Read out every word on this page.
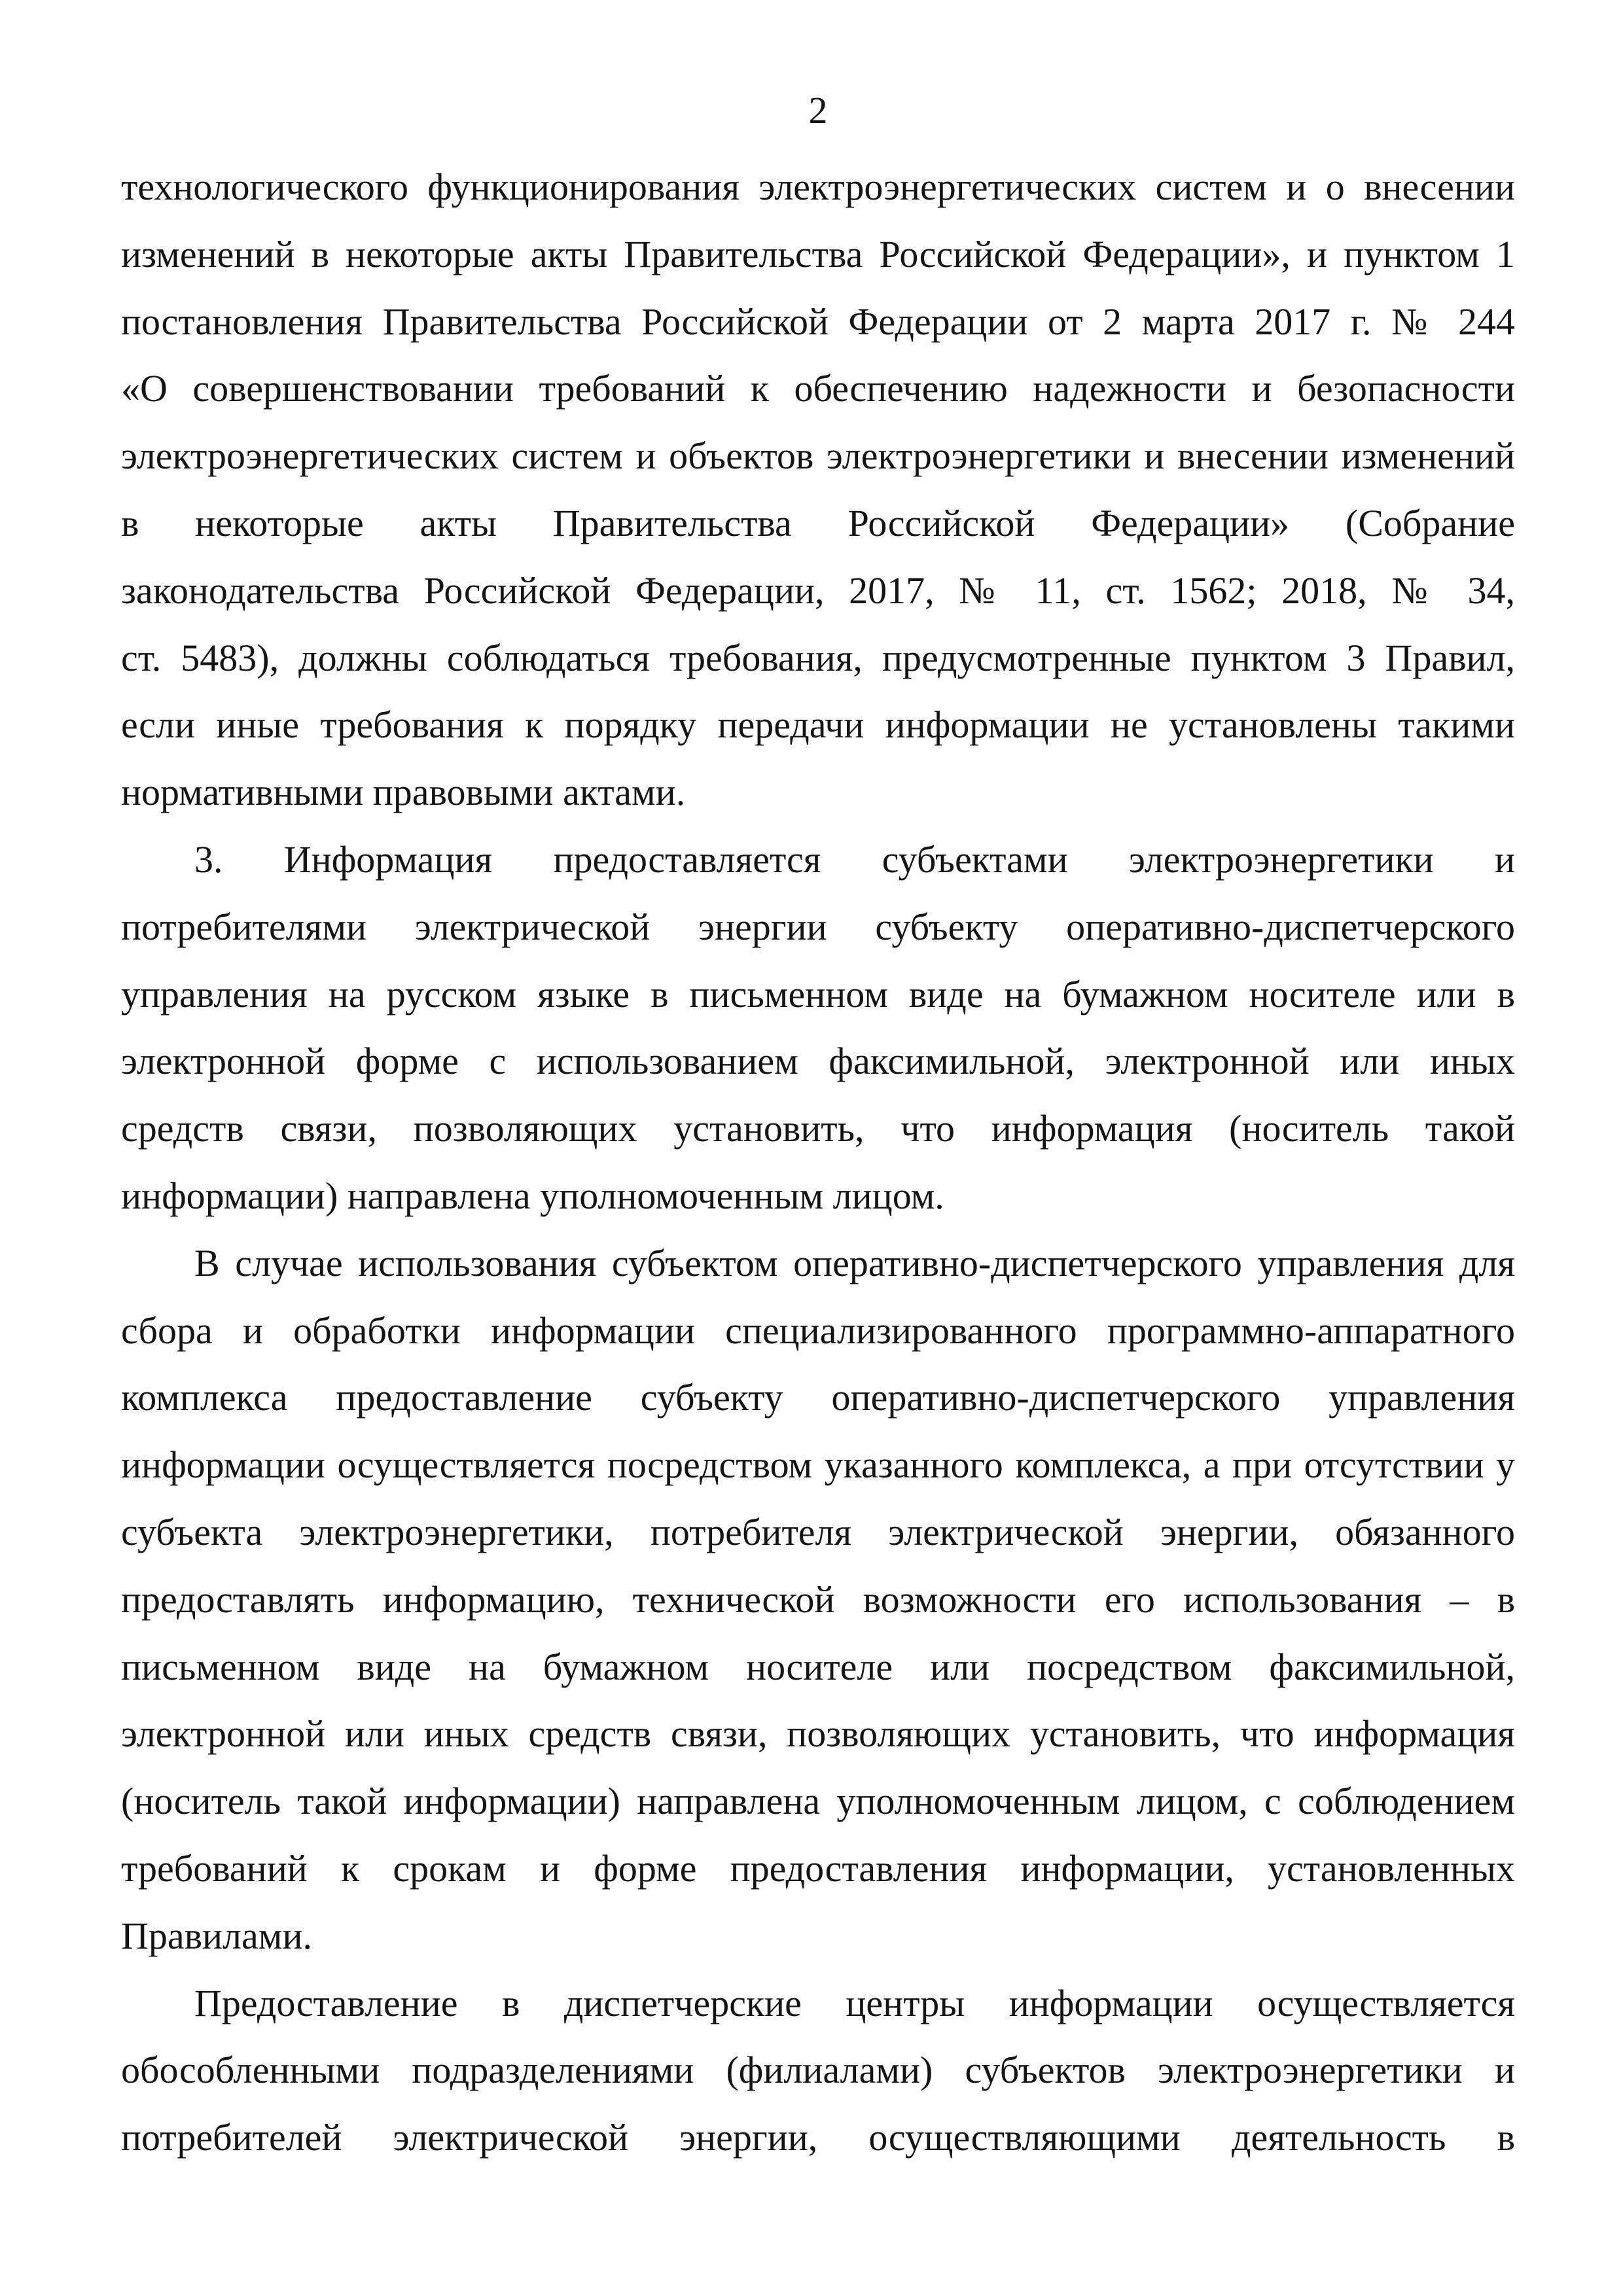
2
технологического функционирования электроэнергетических систем и о внесении
изменений в некоторые акты Правительства Российской Федерации», и пунктом 1
постановления Правительства Российской Федерации от 2 марта 2017 г. № 244
«О совершенствовании требований к обеспечению надежности и безопасности
электроэнергетических систем и объектов электроэнергетики и внесении изменений
в некоторые акты Правительства Российской Федерации» (Собрание
законодательства Российской Федерации, 2017, № 11, ст. 1562; 2018, № 34,
ст. 5483), должны соблюдаться требования, предусмотренные пунктом 3 Правил,
если иные требования к порядку передачи информации не установлены такими
нормативными правовыми актами.
3. Информация предоставляется субъектами электроэнергетики и
потребителями электрической энергии субъекту оперативно-диспетчерского
управления на русском языке в письменном виде на бумажном носителе или в
электронной форме с использованием факсимильной, электронной или иных
средств связи, позволяющих установить, что информация (носитель такой
информации) направлена уполномоченным лицом.
В случае использования субъектом оперативно-диспетчерского управления для
сбора и обработки информации специализированного программно-аппаратного
комплекса предоставление субъекту оперативно-диспетчерского управления
информации осуществляется посредством указанного комплекса, а при отсутствии у
субъекта электроэнергетики, потребителя электрической энергии, обязанного
предоставлять информацию, технической возможности его использования – в
письменном виде на бумажном носителе или посредством факсимильной,
электронной или иных средств связи, позволяющих установить, что информация
(носитель такой информации) направлена уполномоченным лицом, с соблюдением
требований к срокам и форме предоставления информации, установленных
Правилами.
Предоставление в диспетчерские центры информации осуществляется
обособленными подразделениями (филиалами) субъектов электроэнергетики и
потребителей электрической энергии, осуществляющими деятельность в
